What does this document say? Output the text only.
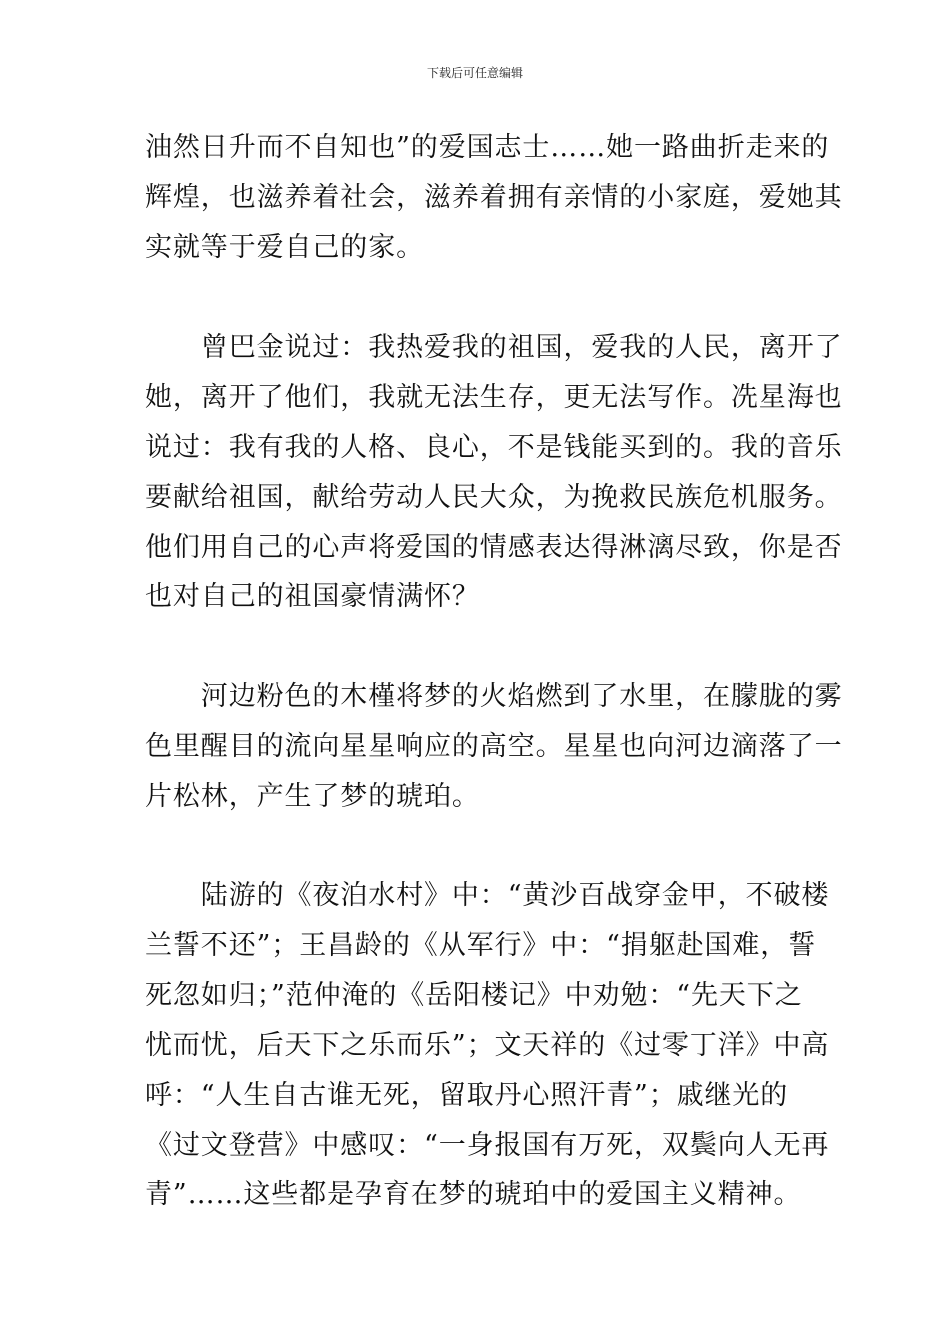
下载后可任意编辑
油然日升而不自知也”的爱国志士……她一路曲折走来的
辉煌，也滋养着社会，滋养着拥有亲情的小家庭，爱她其
实就等于爱自己的家。
　　曾巴金说过：我热爱我的祖国，爱我的人民，离开了
她，离开了他们，我就无法生存，更无法写作。冼星海也
说过：我有我的人格、良心，不是钱能买到的。我的音乐
要献给祖国，献给劳动人民大众，为挽救民族危机服务。
他们用自己的心声将爱国的情感表达得淋漓尽致，你是否
也对自己的祖国豪情满怀？
　　河边粉色的木槿将梦的火焰燃到了水里，在朦胧的雾
色里醒目的流向星星响应的高空。星星也向河边滴落了一
片松林，产生了梦的琥珀。
　　陆游的《夜泊水村》中：“黄沙百战穿金甲，不破楼
兰誓不还”；王昌龄的《从军行》中：“捐躯赴国难，誓
死忽如归；”范仲淹的《岳阳楼记》中劝勉：“先天下之
忧而忧，后天下之乐而乐”；文天祥的《过零丁洋》中高
呼：“人生自古谁无死，留取丹心照汗青”；戚继光的
《过文登营》中感叹：“一身报国有万死，双鬓向人无再
青”……这些都是孕育在梦的琥珀中的爱国主义精神。
